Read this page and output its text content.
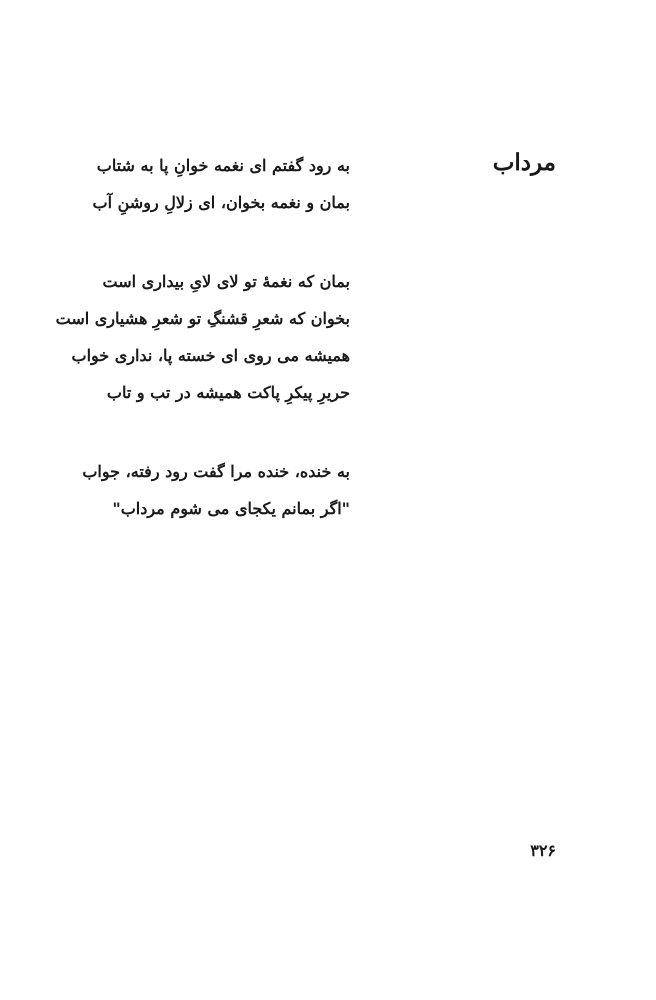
مرداب
به رود گفتم ای نغمه خوانِ پا به شتاب
بمان و نغمه بخوان، ای زلالِ روشنِ آب
بمان که نغمهٔ تو لای لایِ بیداری است
بخوان که شعرِ قشنگِ تو شعرِ هشیاری است
همیشه می روی ای خسته پا، نداری خواب
حریرِ پیکرِ پاکت همیشه در تب و تاب
به خنده، خنده مرا گفت رود رفته، جواب
"اگر بمانم یکجای می شوم مرداب"
۳۲۶
